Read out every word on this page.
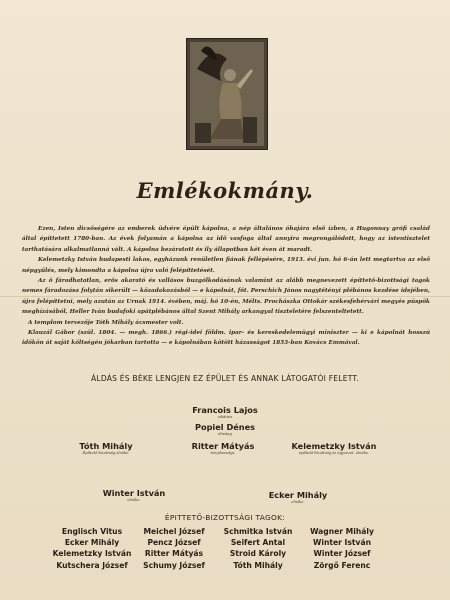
Emlékokmány.

Ezen, Isten dicsőségére az emberek üdvére épült kápolna, a nép általános óhajára első ízben, a Hugonnay grófi család által építtetett 1780-ban. Az évek folyamán a kápolna az idő vasfoga által annyira megrongálódott, hogy az istentisztelet tarthatására alkalmatlanná vált. A kápolna bezáratott és ily állapotban két éven át maradt.

Kelemetzky István budapesti lakos, egyházunk renületlen fiának fellépésére, 1913. évi jun. hó 6-án lett megtartva az első népgyűlés, mely kimondta a kápolna újra való felépíttetését.

Az ő fáradhatatlan, erős akarató és vallásos buzgólkodásának valamint az alább megnevezett építtető-bizottsági tagok nemes fáradozása folytán sikerült — közadakozásból — e kápolnát, főt. Perschich János nagytétényi plébános kezdése idejében, újra felépíttetni, mely azután az Urnak 1914. évében, máj. hó 10-én, Mélts. Prochászka Ottokár székesfehérvári megyés püspök meghízásából, Heller Iván budafoki apátplébános által Szent Mihály arkangyal tiszteletére felszenteltetett.

A templom tervezője Tóth Mihály ácsmester volt.

Klauzál Gábor (szül. 1804. — megh. 1866.) régi-idei földm. ipar- és kereskedelemügyi miniszter — ki e kápolnát hosszú időkön át saját költségén jókarban tartotta — e kápolnában kötött házasságot 1853-ban Kovács Emmával.

ÁLDÁS ÉS BÉKE LENGJEN EZ ÉPÜLET ÉS ANNAK LÁTOGATÓI FELETT.
Francois Lajos
vikárius
Popiel Dénes
dinstag
Tóth Mihály
Építtető-bizottság elnöke.
Ritter Mátyás
templomatya.
Kelemetzky István
építtető-bizottság és ügyvezet. elnöke.
Winter István
elnöke.	Ecker Mihály
elnöke.
ÉPITTETŐ-BIZOTTSÁGI TAGOK:
Englisch Vitus
Ecker Mihály
Kelemetzky István
Kutschera József
Meichel József
Pencz József
Ritter Mátyás
Schumy József
Schmitka István
Seifert Antal
Stroid Károly
Tóth Mihály
Wagner Mihály
Winter István
Winter József
Zörgő Ferenc
